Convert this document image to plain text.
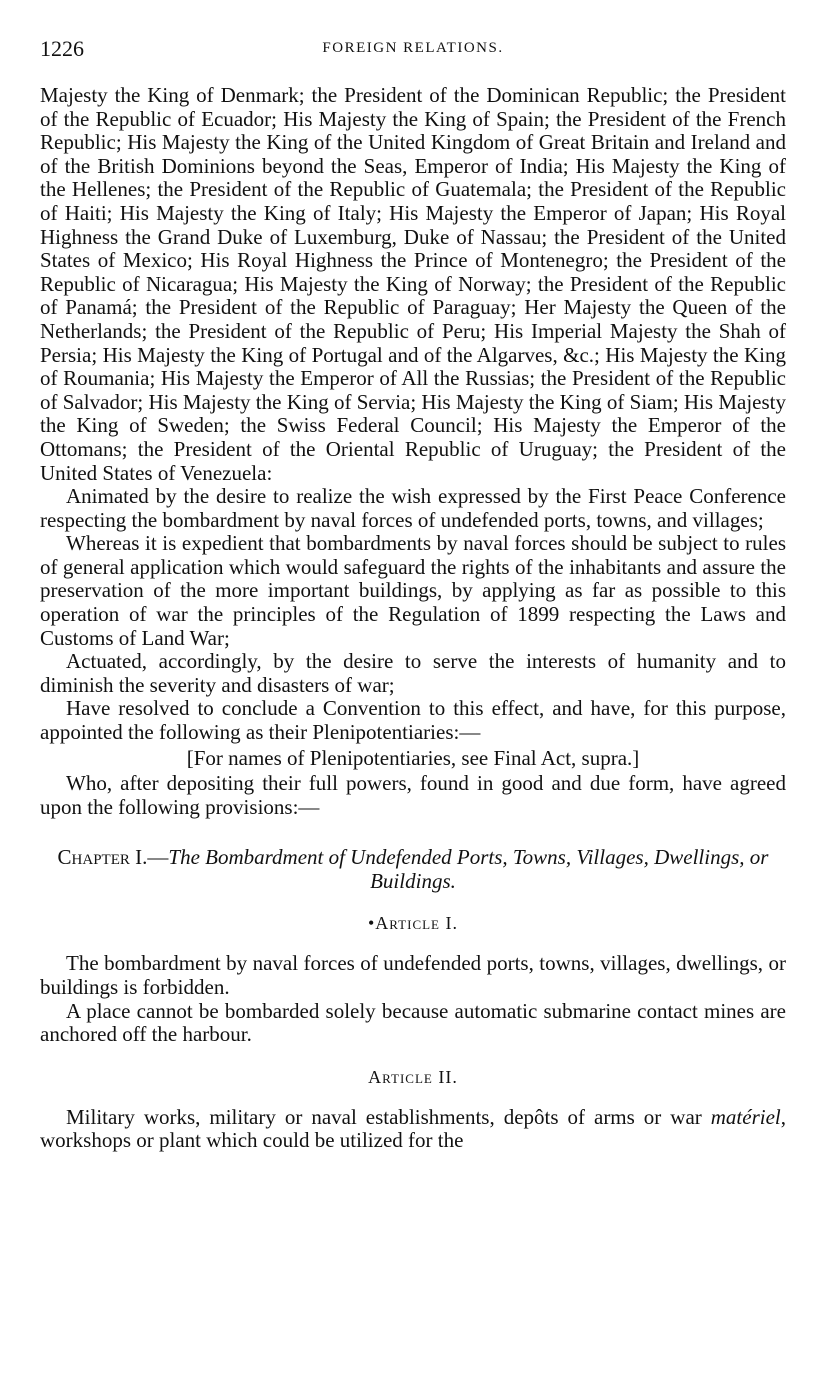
1226	FOREIGN RELATIONS.

Majesty the King of Denmark; the President of the Dominican Republic; the President of the Republic of Ecuador; His Majesty the King of Spain; the President of the French Republic; His Majesty the King of the United Kingdom of Great Britain and Ireland and of the British Dominions beyond the Seas, Emperor of India; His Majesty the King of the Hellenes; the President of the Republic of Guatemala; the President of the Republic of Haiti; His Majesty the King of Italy; His Majesty the Emperor of Japan; His Royal Highness the Grand Duke of Luxemburg, Duke of Nassau; the President of the United States of Mexico; His Royal Highness the Prince of Montenegro; the President of the Republic of Nicaragua; His Majesty the King of Norway; the President of the Republic of Panamá; the President of the Republic of Paraguay; Her Majesty the Queen of the Netherlands; the President of the Republic of Peru; His Imperial Majesty the Shah of Persia; His Majesty the King of Portugal and of the Algarves, &c.; His Majesty the King of Roumania; His Majesty the Emperor of All the Russias; the President of the Republic of Salvador; His Majesty the King of Servia; His Majesty the King of Siam; His Majesty the King of Sweden; the Swiss Federal Council; His Majesty the Emperor of the Ottomans; the President of the Oriental Republic of Uruguay; the President of the United States of Venezuela:

Animated by the desire to realize the wish expressed by the First Peace Conference respecting the bombardment by naval forces of undefended ports, towns, and villages;

Whereas it is expedient that bombardments by naval forces should be subject to rules of general application which would safeguard the rights of the inhabitants and assure the preservation of the more important buildings, by applying as far as possible to this operation of war the principles of the Regulation of 1899 respecting the Laws and Customs of Land War;

Actuated, accordingly, by the desire to serve the interests of humanity and to diminish the severity and disasters of war;

Have resolved to conclude a Convention to this effect, and have, for this purpose, appointed the following as their Plenipotentiaries:—

[For names of Plenipotentiaries, see Final Act, supra.]

Who, after depositing their full powers, found in good and due form, have agreed upon the following provisions:—

Chapter I.—The Bombardment of Undefended Ports, Towns, Villages, Dwellings, or Buildings.
•Article I.

The bombardment by naval forces of undefended ports, towns, villages, dwellings, or buildings is forbidden.

A place cannot be bombarded solely because automatic submarine contact mines are anchored off the harbour.

Article II.

Military works, military or naval establishments, depôts of arms or war matériel, workshops or plant which could be utilized for the
